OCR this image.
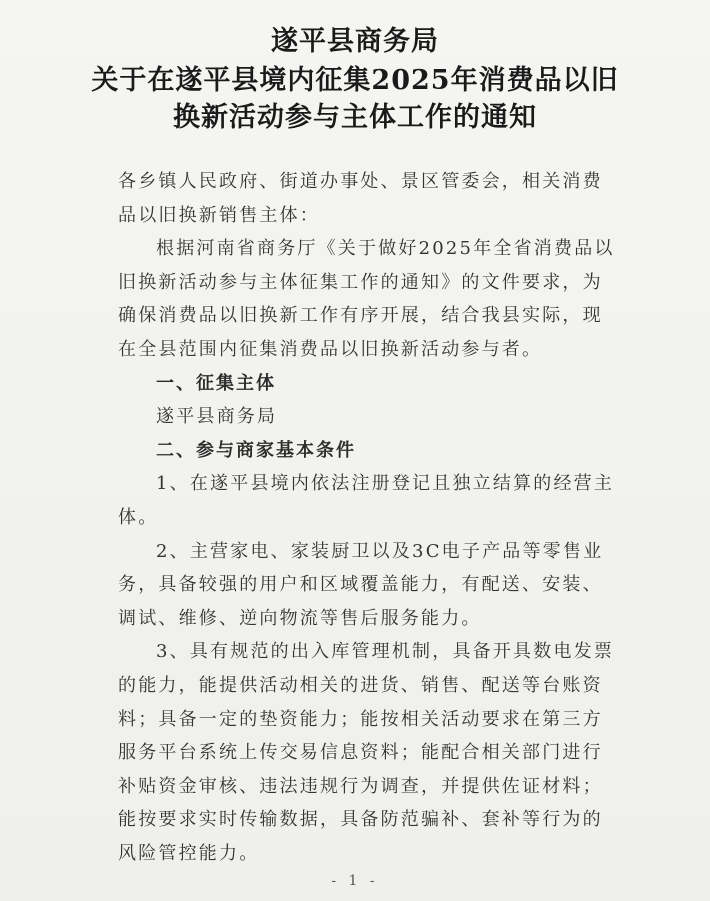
遂平县商务局
关于在遂平县境内征集2025年消费品以旧
换新活动参与主体工作的通知

各乡镇人民政府、街道办事处、景区管委会，相关消费品以旧换新销售主体：

根据河南省商务厅《关于做好2025年全省消费品以旧换新活动参与主体征集工作的通知》的文件要求，为确保消费品以旧换新工作有序开展，结合我县实际，现在全县范围内征集消费品以旧换新活动参与者。

一、征集主体

遂平县商务局

二、参与商家基本条件

1、在遂平县境内依法注册登记且独立结算的经营主体。

2、主营家电、家装厨卫以及3C电子产品等零售业务，具备较强的用户和区域覆盖能力，有配送、安装、调试、维修、逆向物流等售后服务能力。

3、具有规范的出入库管理机制，具备开具数电发票的能力，能提供活动相关的进货、销售、配送等台账资料；具备一定的垫资能力；能按相关活动要求在第三方服务平台系统上传交易信息资料；能配合相关部门进行补贴资金审核、违法违规行为调查，并提供佐证材料；能按要求实时传输数据，具备防范骗补、套补等行为的风险管控能力。

- 1 -
